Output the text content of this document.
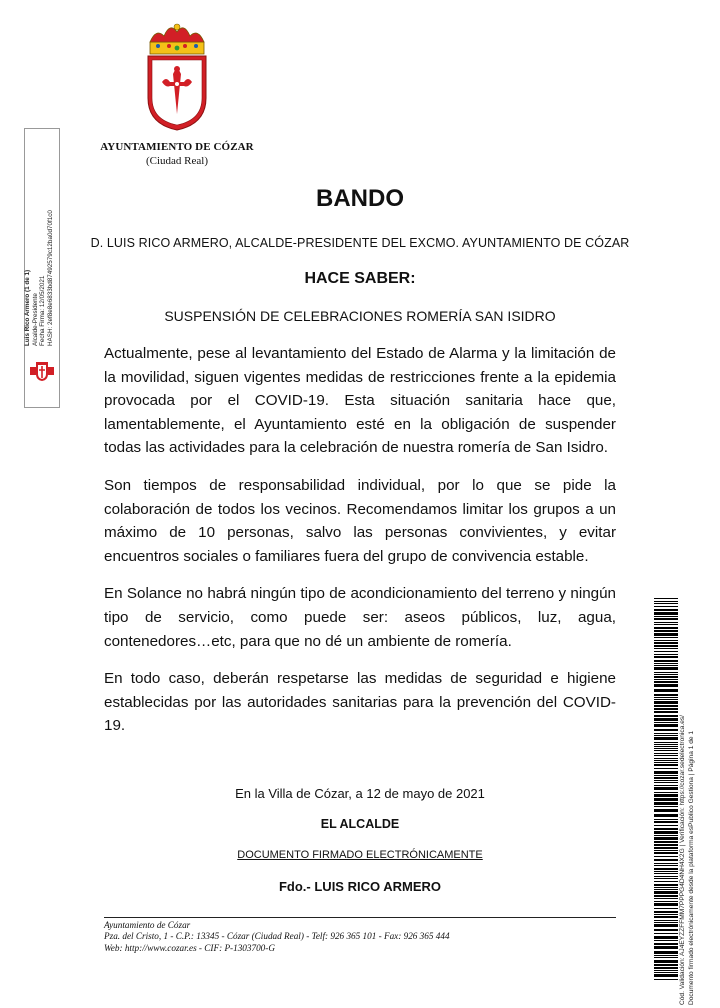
AYUNTAMIENTO DE CÓZAR
(Ciudad Real)
Luis Rico Armero (1 de 1) Alcalde-Presidente Fecha Firma: 12/05/2021 HASH: 2ef8e8e6833bd87492579c12ba0d70f1c0
BANDO
D. LUIS RICO ARMERO, ALCALDE-PRESIDENTE DEL EXCMO. AYUNTAMIENTO DE CÓZAR
HACE SABER:
SUSPENSIÓN DE CELEBRACIONES ROMERÍA SAN ISIDRO

Actualmente, pese al levantamiento del Estado de Alarma y la limitación de la movilidad, siguen vigentes medidas de restricciones frente a la epidemia provocada por el COVID-19. Esta situación sanitaria hace que, lamentablemente, el Ayuntamiento esté en la obligación de suspender todas las actividades para la celebración de nuestra romería de San Isidro.

Son tiempos de responsabilidad individual, por lo que se pide la colaboración de todos los vecinos. Recomendamos limitar los grupos a un máximo de 10 personas, salvo las personas convivientes, y evitar encuentros sociales o familiares fuera del grupo de convivencia estable.

En Solance no habrá ningún tipo de acondicionamiento del terreno y ningún tipo de servicio, como puede ser: aseos públicos, luz, agua, contenedores…etc, para que no dé un ambiente de romería.

En todo caso, deberán respetarse las medidas de seguridad e higiene establecidas por las autoridades sanitarias para la prevención del COVID-19.

En la Villa de Cózar, a 12 de mayo de 2021
EL ALCALDE
DOCUMENTO FIRMADO ELECTRÓNICAMENTE
Fdo.- LUIS RICO ARMERO
Ayuntamiento de Cózar
Pza. del Cristo, 1 - C.P.: 13345 - Cózar (Ciudad Real) - Telf: 926 365 101 - Fax: 926 365 444
Web: http://www.cozar.es - CIF: P-1303700-G	Cód. Validación: AJ4EYZZFFMM7PPPG4D4NH4X2G | Verificación: https://cozar.sedelectronica.es/ Documento firmado electrónicamente desde la plataforma esPublico Gestiona | Página 1 de 1
